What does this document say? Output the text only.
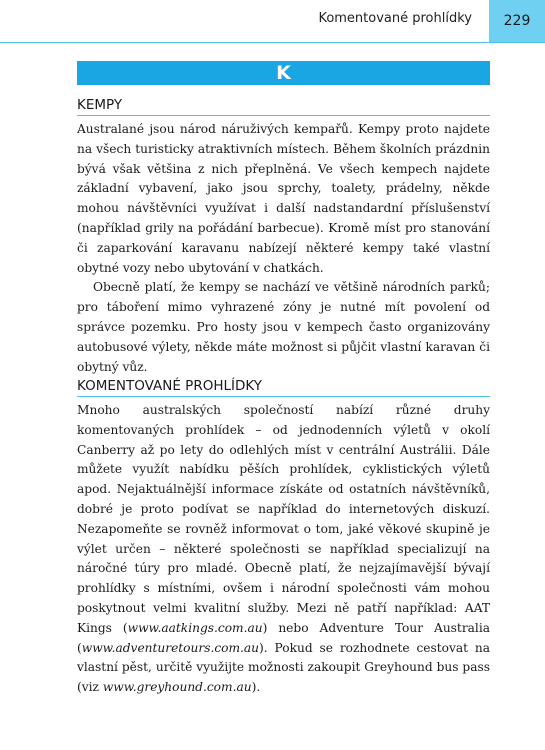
Komentované prohlídky 229
K
KEMPY

Australané jsou národ náruživých kempařů. Kempy proto najdete na všech turisticky atraktivních místech. Během školních prázdnin bývá však většina z nich přeplněná. Ve všech kempech najdete základní vybavení, jako jsou sprchy, toalety, prádelny, někde mohou návštěvníci využívat i další nadstandardní příslušenství (například grily na pořádání barbecue). Kromě míst pro stanování či zaparkování karavanu nabízejí některé kempy také vlastní obytné vozy nebo ubytování v chatkách.

Obecně platí, že kempy se nachází ve většině národních parků; pro táboření mimo vyhrazené zóny je nutné mít povolení od správce pozemku. Pro hosty jsou v kempech často organizovány autobusové výlety, někde máte možnost si půjčit vlastní karavan či obytný vůz.

KOMENTOVANÉ PROHLÍDKY

Mnoho australských společností nabízí různé druhy komentovaných prohlídek – od jednodenních výletů v okolí Canberry až po lety do odlehlých míst v centrální Austrálii. Dále můžete využít nabídku pěších prohlídek, cyklistických výletů apod. Nejaktuálnější informace získáte od ostatních návštěvníků, dobré je proto podívat se například do internetových diskuzí. Nezapomeňte se rovněž informovat o tom, jaké věkové skupině je výlet určen – některé společnosti se například specializují na náročné túry pro mladé. Obecně platí, že nejzajímavější bývají prohlídky s místními, ovšem i národní společnosti vám mohou poskytnout velmi kvalitní služby. Mezi ně patří například: AAT Kings (www.aatkings.com.au) nebo Adventure Tour Australia (www.adventuretours.com.au). Pokud se rozhodnete cestovat na vlastní pěst, určitě využijte možnosti zakoupit Greyhound bus pass (viz www.greyhound.com.au).
